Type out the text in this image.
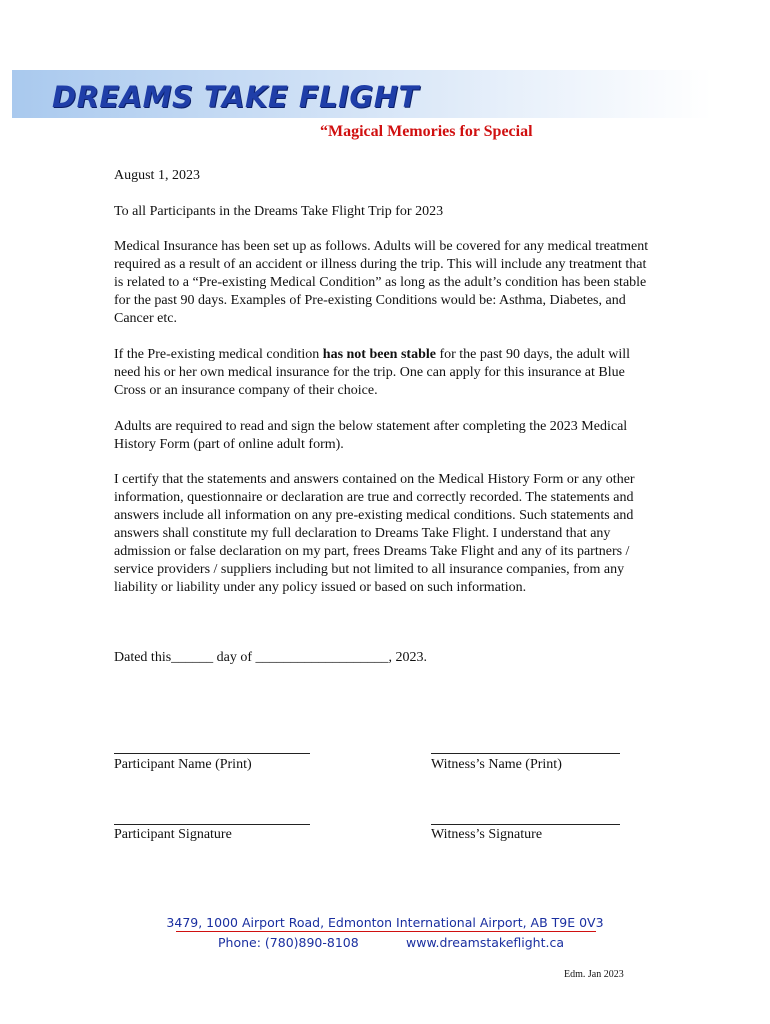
DREAMS TAKE FLIGHT
“Magical Memories for Special

August 1, 2023

To all Participants in the Dreams Take Flight Trip for 2023

Medical Insurance has been set up as follows. Adults will be covered for any medical treatment required as a result of an accident or illness during the trip. This will include any treatment that is related to a “Pre-existing Medical Condition” as long as the adult’s condition has been stable for the past 90 days. Examples of Pre-existing Conditions would be: Asthma, Diabetes, and Cancer etc.

If the Pre-existing medical condition has not been stable for the past 90 days, the adult will need his or her own medical insurance for the trip. One can apply for this insurance at Blue Cross or an insurance company of their choice.

Adults are required to read and sign the below statement after completing the 2023 Medical History Form (part of online adult form).

I certify that the statements and answers contained on the Medical History Form or any other information, questionnaire or declaration are true and correctly recorded. The statements and answers include all information on any pre-existing medical conditions. Such statements and answers shall constitute my full declaration to Dreams Take Flight. I understand that any admission or false declaration on my part, frees Dreams Take Flight and any of its partners / service providers / suppliers including but not limited to all insurance companies, from any liability or liability under any policy issued or based on such information.

Dated this______ day of ___________________, 2023.

Participant Name (Print)	Witness’s Name (Print)
Participant Signature	Witness’s Signature
3479, 1000 Airport Road, Edmonton International Airport, AB T9E 0V3
Phone: (780)890-8108	www.dreamstakeflight.ca
Edm. Jan 2023
